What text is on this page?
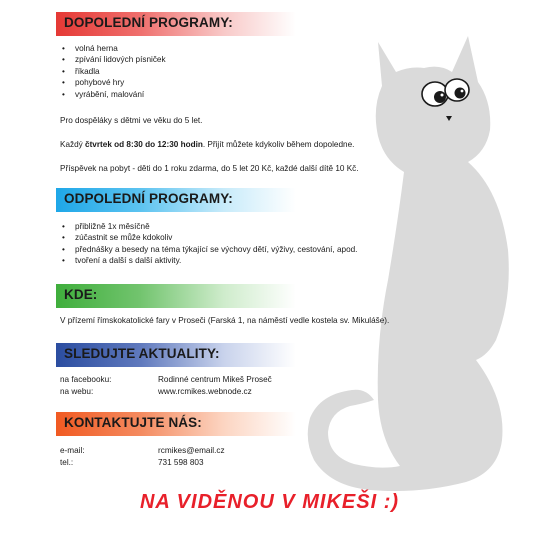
DOPOLEDNÍ PROGRAMY:
• volná herna
• zpívání lidových písniček
• říkadla
• pohybové hry
• vyrábění, malování
Pro dospěláky s dětmi ve věku do 5 let.
Každý čtvrtek od 8:30 do 12:30 hodin. Přijít můžete kdykoliv během dopoledne.
Příspěvek na pobyt - děti do 1 roku zdarma, do 5 let 20 Kč, každé další dítě 10 Kč.
ODPOLEDNÍ PROGRAMY:
• přibližně 1x měsíčně
• zúčastnit se může kdokoliv
• přednášky a besedy na téma týkající se výchovy dětí, výživy, cestování, apod.
• tvoření a další s další aktivity.
KDE:
V přízemí římskokatolické fary v Proseči (Farská 1, na náměstí vedle kostela sv. Mikuláše).
SLEDUJTE AKTUALITY:
na facebooku:	Rodinné centrum Mikeš Proseč
na webu:	www.rcmikes.webnode.cz
KONTAKTUJTE NÁS:
e-mail:	rcmikes@email.cz
tel.:	731 598 803
NA VIDĚNOU V MIKEŠI :)
